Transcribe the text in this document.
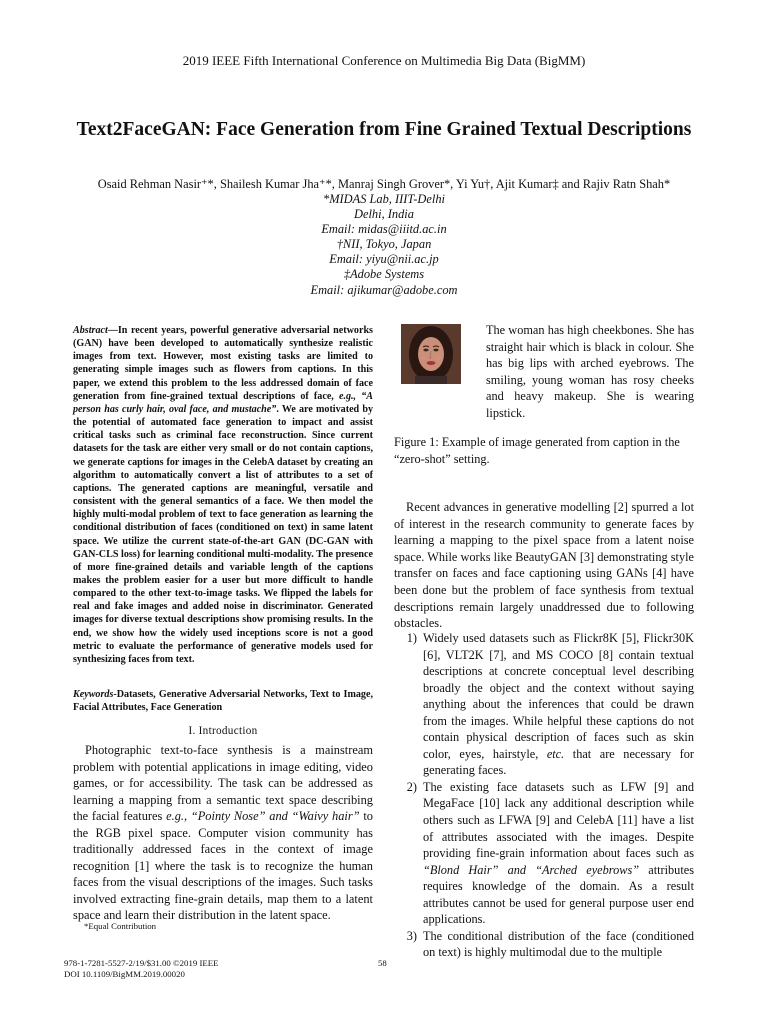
2019 IEEE Fifth International Conference on Multimedia Big Data (BigMM)
Text2FaceGAN: Face Generation from Fine Grained Textual Descriptions
Osaid Rehman Nasir⁺*, Shailesh Kumar Jha⁺*, Manraj Singh Grover*, Yi Yu†, Ajit Kumar‡ and Rajiv Ratn Shah*
*MIDAS Lab, IIIT-Delhi
Delhi, India
Email: midas@iiitd.ac.in
†NII, Tokyo, Japan
Email: yiyu@nii.ac.jp
‡Adobe Systems
Email: ajikumar@adobe.com
Abstract—In recent years, powerful generative adversarial networks (GAN) have been developed to automatically synthesize realistic images from text. However, most existing tasks are limited to generating simple images such as flowers from captions. In this paper, we extend this problem to the less addressed domain of face generation from fine-grained textual descriptions of face, e.g., “A person has curly hair, oval face, and mustache”. We are motivated by the potential of automated face generation to impact and assist critical tasks such as criminal face reconstruction. Since current datasets for the task are either very small or do not contain captions, we generate captions for images in the CelebA dataset by creating an algorithm to automatically convert a list of attributes to a set of captions. The generated captions are meaningful, versatile and consistent with the general semantics of a face. We then model the highly multi-modal problem of text to face generation as learning the conditional distribution of faces (conditioned on text) in same latent space. We utilize the current state-of-the-art GAN (DC-GAN with GAN-CLS loss) for learning conditional multi-modality. The presence of more fine-grained details and variable length of the captions makes the problem easier for a user but more difficult to handle compared to the other text-to-image tasks. We flipped the labels for real and fake images and added noise in discriminator. Generated images for diverse textual descriptions show promising results. In the end, we show how the widely used inceptions score is not a good metric to evaluate the performance of generative models used for synthesizing faces from text.
Keywords-Datasets, Generative Adversarial Networks, Text to Image, Facial Attributes, Face Generation
I. Introduction
Photographic text-to-face synthesis is a mainstream problem with potential applications in image editing, video games, or for accessibility. The task can be addressed as learning a mapping from a semantic text space describing the facial features e.g., “Pointy Nose” and “Waivy hair” to the RGB pixel space. Computer vision community has traditionally addressed faces in the context of image recognition [1] where the task is to recognize the human faces from the visual descriptions of the images. Such tasks involved extracting fine-grain details, map them to a latent space and learn their distribution in the latent space.
*Equal Contribution
978-1-7281-5527-2/19/$31.00 ©2019 IEEE
DOI 10.1109/BigMM.2019.00020
58
The woman has high cheekbones. She has straight hair which is black in colour. She has big lips with arched eyebrows. The smiling, young woman has rosy cheeks and heavy makeup. She is wearing lipstick.
Figure 1: Example of image generated from caption in the “zero-shot” setting.
Recent advances in generative modelling [2] spurred a lot of interest in the research community to generate faces by learning a mapping to the pixel space from a latent noise space. While works like BeautyGAN [3] demonstrating style transfer on faces and face captioning using GANs [4] have been done but the problem of face synthesis from textual descriptions remain largely unaddressed due to following obstacles.
1) Widely used datasets such as Flickr8K [5], Flickr30K [6], VLT2K [7], and MS COCO [8] contain textual descriptions at concrete conceptual level describing broadly the object and the context without saying anything about the inferences that could be drawn from the images. While helpful these captions do not contain physical description of faces such as skin color, eyes, hairstyle, etc. that are necessary for generating faces.
2) The existing face datasets such as LFW [9] and MegaFace [10] lack any additional description while others such as LFWA [9] and CelebA [11] have a list of attributes associated with the images. Despite providing fine-grain information about faces such as “Blond Hair” and “Arched eyebrows” attributes requires knowledge of the domain. As a result attributes cannot be used for general purpose user end applications.
3) The conditional distribution of the face (conditioned on text) is highly multimodal due to the multiple
